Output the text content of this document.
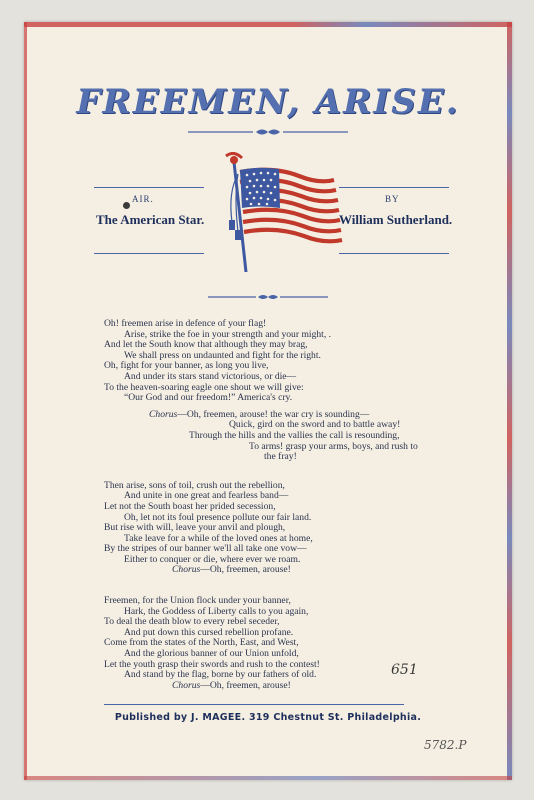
FREEMEN, ARISE.
AIR.
The American Star.
BY
William Sutherland.
Oh! freemen arise in defence of your flag!
Arise, strike the foe in your strength and your might, .
And let the South know that although they may brag,
We shall press on undaunted and fight for the right.
Oh, fight for your banner, as long you live,
And under its stars stand victorious, or die—
To the heaven-soaring eagle one shout we will give:
“Our God and our freedom!” America's cry.
Chorus—Oh, freemen, arouse! the war cry is sounding—
Quick, gird on the sword and to battle away!
Through the hills and the vallies the call is resounding,
To arms! grasp your arms, boys, and rush to
the fray!
Then arise, sons of toil, crush out the rebellion,
And unite in one great and fearless band—
Let not the South boast her prided secession,
Oh, let not its foul presence pollute our fair land.
But rise with will, leave your anvil and plough,
Take leave for a while of the loved ones at home,
By the stripes of our banner we'll all take one vow—
Either to conquer or die, where ever we roam.
Chorus—Oh, freemen, arouse!
Freemen, for the Union flock under your banner,
Hark, the Goddess of Liberty calls to you again,
To deal the death blow to every rebel seceder,
And put down this cursed rebellion profane.
Come from the states of the North, East, and West,
And the glorious banner of our Union unfold,
Let the youth grasp their swords and rush to the contest!
And stand by the flag, borne by our fathers of old.
Chorus—Oh, freemen, arouse!
651
Published by J. MAGEE. 319 Chestnut St. Philadelphia.
5782.P
